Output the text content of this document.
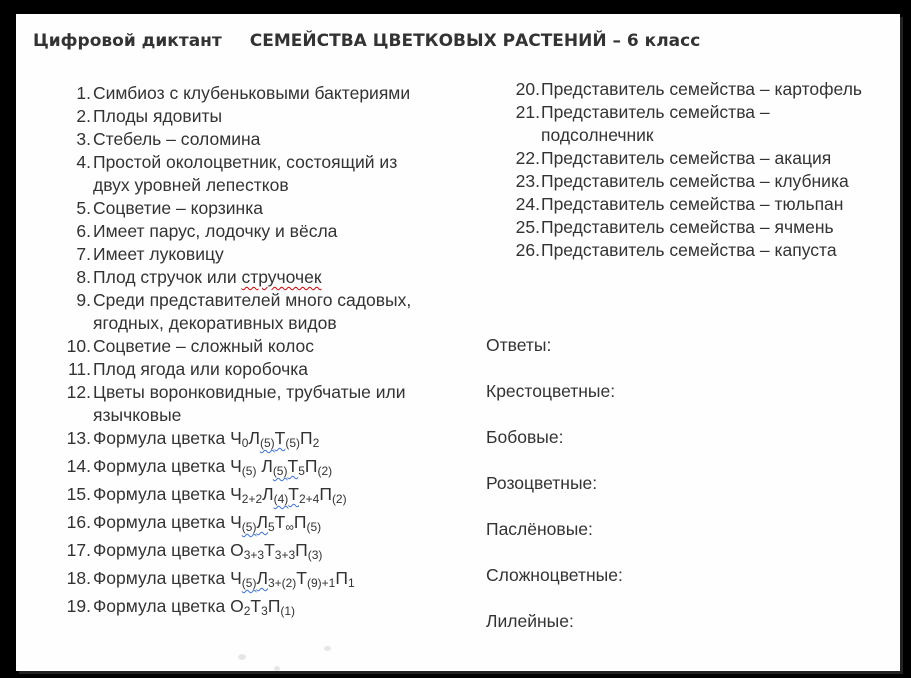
Цифровой диктант СЕМЕЙСТВА ЦВЕТКОВЫХ РАСТЕНИЙ – 6 класс
1. Симбиоз с клубеньковыми бактериями
2. Плоды ядовиты
3. Стебель – соломина
4. Простой околоцветник, состоящий из двух уровней лепестков
5. Соцветие – корзинка
6. Имеет парус, лодочку и вёсла
7. Имеет луковицу
8. Плод стручок или стручочек
9. Среди представителей много садовых, ягодных, декоративных видов
10. Соцветие – сложный колос
11. Плод ягода или коробочка
12. Цветы воронковидные, трубчатые или язычковые
13. Формула цветка $Ч_0Л(5)Т_{(5)}П_2$
14. Формула цветка $Ч_{(5)}$ $Л(5)Т_5П_{(2)}$
15. Формула цветка $Ч_{2+2}Л(4)Т_{2+4}П_{(2)}$
16. Формула цветка $Ч(5)Л_5Т_\infty П_{(5)}$
17. Формула цветка $О_{3+3}Т_{3+3}П_{(3)}$
18. Формула цветка $Ч(5)Л_{3+(2)}Т_{(9)+1}П_1$
19. Формула цветка $О_2Т_3П_{(1)}$
20. Представитель семейства – картофель
21. Представитель семейства – подсолнечник
22. Представитель семейства – акация
23. Представитель семейства – клубника
24. Представитель семейства – тюльпан
25. Представитель семейства – ячмень
26. Представитель семейства – капуста
Ответы:
Крестоцветные:
Бобовые:
Розоцветные:
Паслёновые:
Сложноцветные:
Лилейные:
